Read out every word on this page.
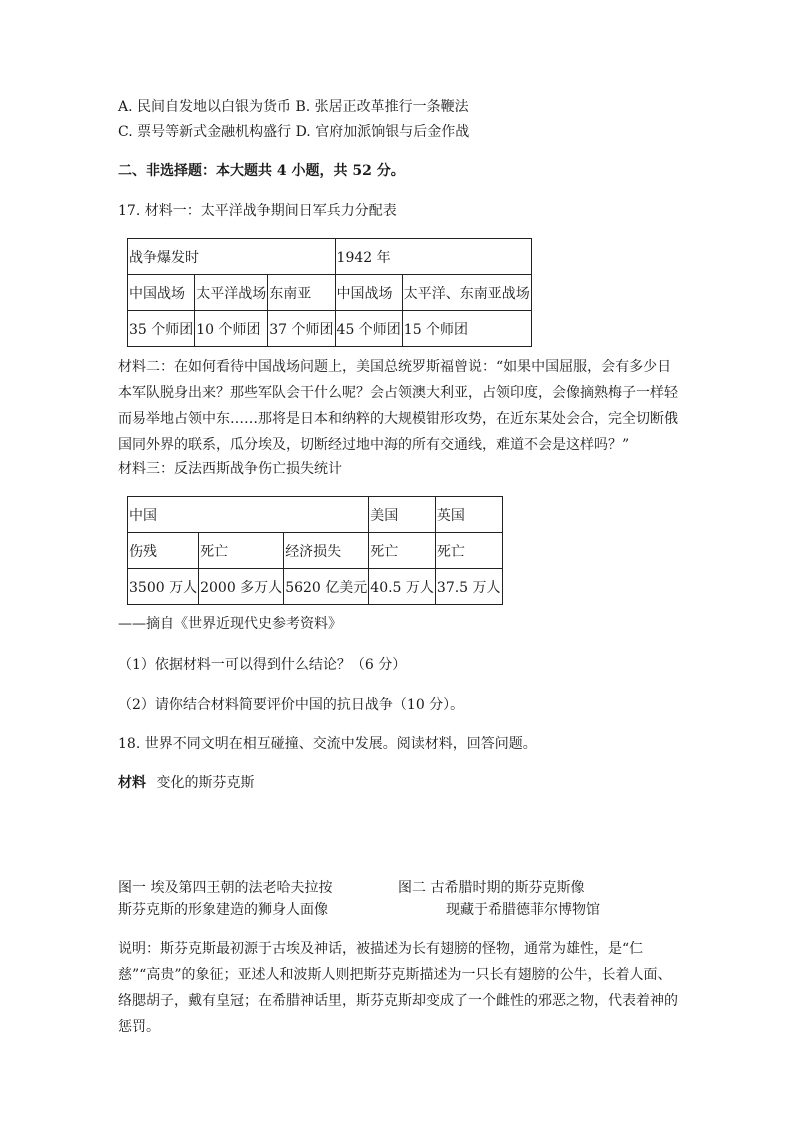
A. 民间自发地以白银为货币 B. 张居正改革推行一条鞭法
C. 票号等新式金融机构盛行 D. 官府加派饷银与后金作战
二、非选择题：本大题共 4 小题，共 52 分。
17. 材料一：太平洋战争期间日军兵力分配表
战争爆发时			1942 年	
中国战场	太平洋战场	东南亚	中国战场	太平洋、东南亚战场
35 个师团	10 个师团	37 个师团	45 个师团	15 个师团
材料二：在如何看待中国战场问题上，美国总统罗斯福曾说：“如果中国屈服，会有多少日本军队脱身出来？那些军队会干什么呢？会占领澳大利亚，占领印度，会像摘熟梅子一样轻而易举地占领中东……那将是日本和纳粹的大规模钳形攻势，在近东某处会合，完全切断俄国同外界的联系，瓜分埃及，切断经过地中海的所有交通线，难道不会是这样吗？”
材料三：反法西斯战争伤亡损失统计
中国			美国	英国
伤残	死亡	经济损失	死亡	死亡
3500 万人	2000 多万人	5620 亿美元	40.5 万人	37.5 万人
——摘自《世界近现代史参考资料》
（1）依据材料一可以得到什么结论？（6 分）
（2）请你结合材料简要评价中国的抗日战争（10 分）。
18. 世界不同文明在相互碰撞、交流中发展。阅读材料，回答问题。
材料 变化的斯芬克斯
图一 埃及第四王朝的法老哈夫拉按
斯芬克斯的形象建造的狮身人面像
图二 古希腊时期的斯芬克斯像
现藏于希腊德菲尔博物馆
说明：斯芬克斯最初源于古埃及神话，被描述为长有翅膀的怪物，通常为雄性，是“仁慈”“高贵”的象征；亚述人和波斯人则把斯芬克斯描述为一只长有翅膀的公牛，长着人面、络腮胡子，戴有皇冠；在希腊神话里，斯芬克斯却变成了一个雌性的邪恶之物，代表着神的惩罚。
